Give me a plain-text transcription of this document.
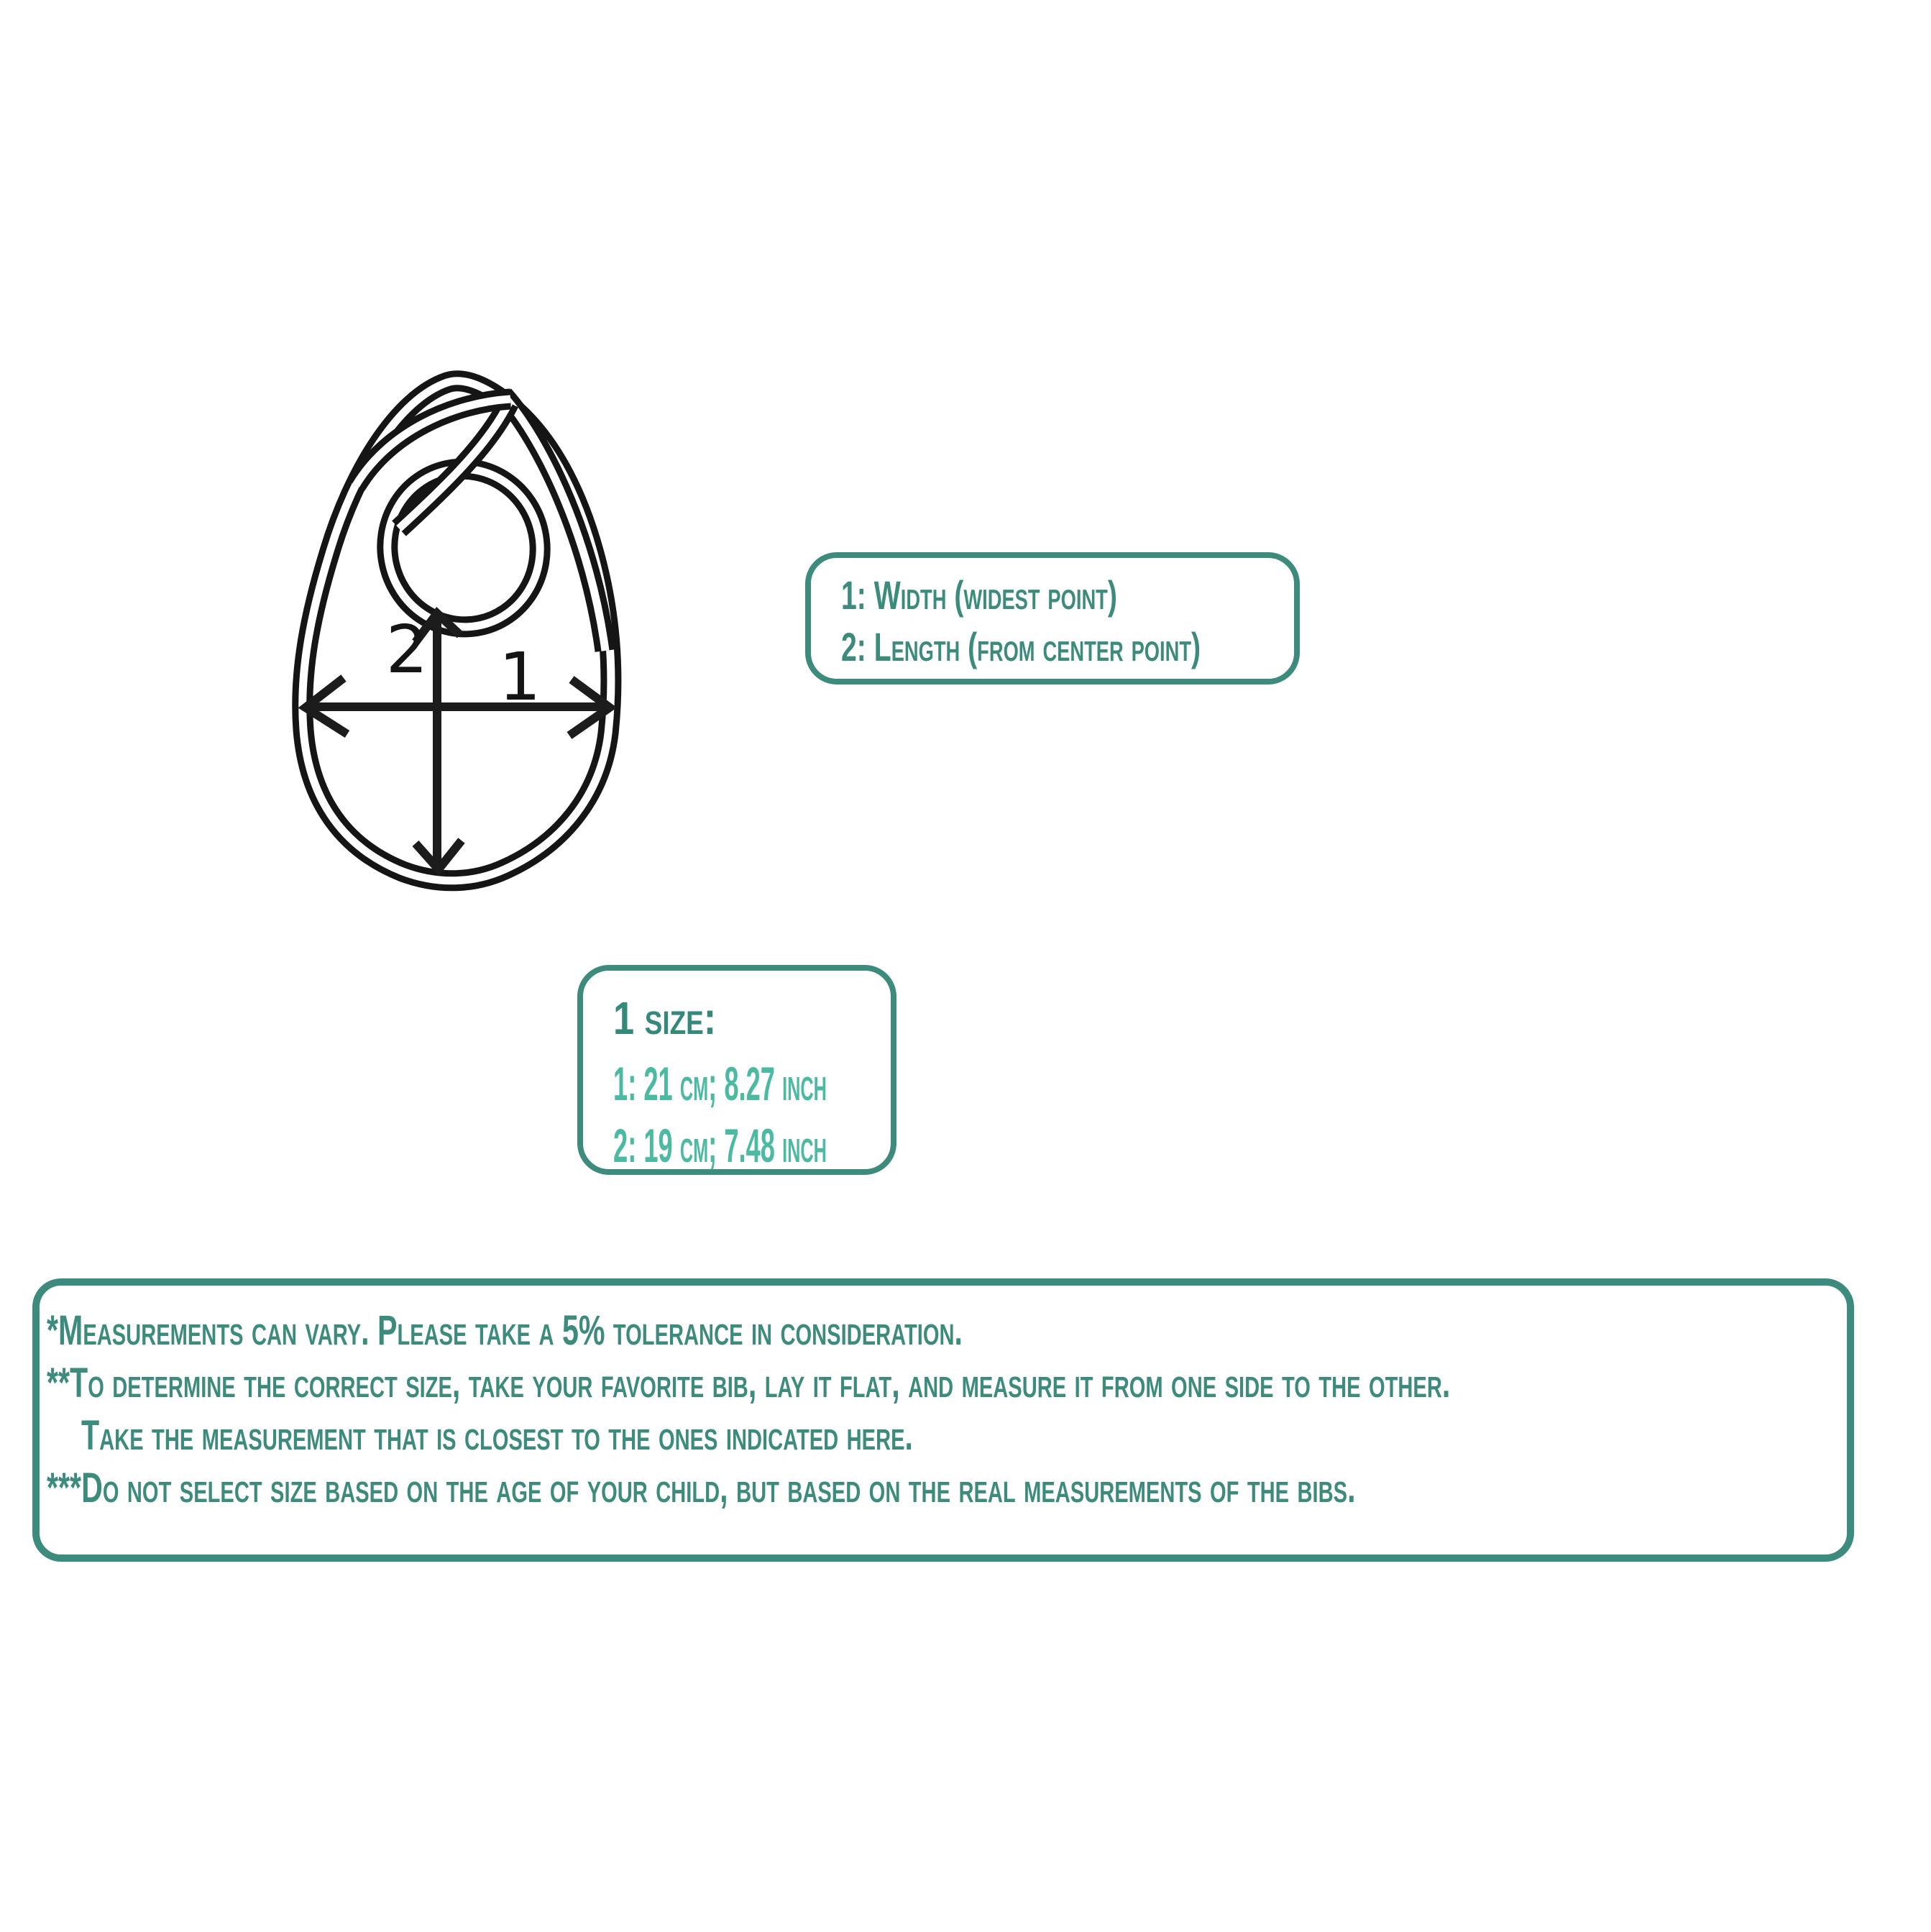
2 1
1: Width (widest point)
2: Length (from center point)
1 size:
1: 21 cm; 8.27 inch
2: 19 cm; 7.48 inch
*Measurements can vary. Please take a 5% tolerance in consideration.
**To determine the correct size, take your favorite bib, lay it flat, and measure it from one side to the other.
Take the measurement that is closest to the ones indicated here.
***Do not select size based on the age of your child, but based on the real measurements of the bibs.
